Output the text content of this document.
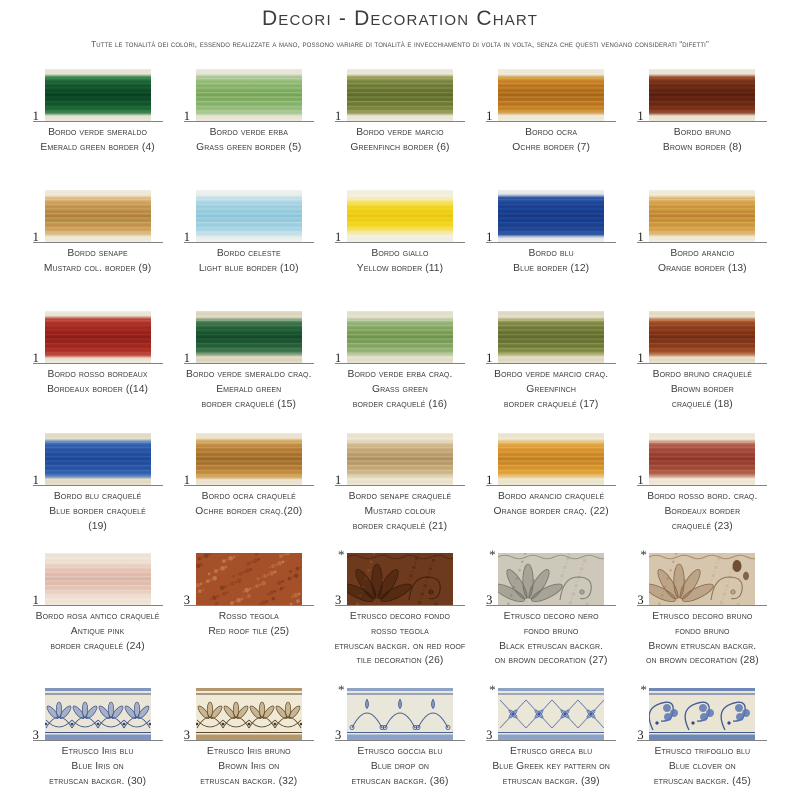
Decori - Decoration Chart
Tutte le tonalità dei colori, essendo realizzate a mano, possono variare di tonalità e invecchiamento di volta in volta, senza che questi vengano considerati “difetti”
1
Bordo verde smeraldo
Emerald green border (4)
1
Bordo verde erba
Grass green border (5)
1
Bordo verde marcio
Greenfinch border (6)
1
Bordo ocra
Ochre border (7)
1
Bordo bruno
Brown border (8)
1
Bordo senape
Mustard col. border (9)
1
Bordo celeste
Light blue border (10)
1
Bordo giallo
Yellow border (11)
1
Bordo blu
Blue border (12)
1
Bordo arancio
Orange border (13)
1
Bordo rosso bordeaux
Bordeaux border ((14)
1
Bordo verde smeraldo craq.
Emerald green
border craquelé (15)
1
Bordo verde erba craq.
Grass green
border craquelé (16)
1
Bordo verde marcio craq.
Greenfinch
border craquelé (17)
1
Bordo bruno craquelé
Brown border
craquelé (18)
1
Bordo blu craquelé
Blue border craquelé
(19)
1
Bordo ocra craquelé
Ochre border craq.(20)
1
Bordo senape craquelé
Mustard colour
border craquelé (21)
1
Bordo arancio craquelé
Orange border craq. (22)
1
Bordo rosso bord. craq.
Bordeaux border
craquelé (23)
1
Bordo rosa antico craquelé
Antique pink
border craquelé (24)
3
Rosso tegola
Red roof tile (25)
*
3
Etrusco decoro fondo
rosso tegola
etruscan backgr. on red roof
tile decoration (26)
*
3
Etrusco decoro nero
fondo bruno
Black etruscan backgr.
on brown decoration (27)
*
3
Etrusco decoro bruno
fondo bruno
Brown etruscan backgr.
on brown decoration (28)
3
Etrusco Iris blu
Blue Iris on
etruscan backgr. (30)
3
Etrusco Iris bruno
Brown Iris on
etruscan backgr. (32)
*
3
Etrusco goccia blu
Blue drop on
etruscan backgr. (36)
*
3
Etrusco greca blu
Blue Greek key pattern on
etruscan backgr. (39)
*
3
Etrusco trifoglio blu
Blue clover on
etruscan backgr. (45)
